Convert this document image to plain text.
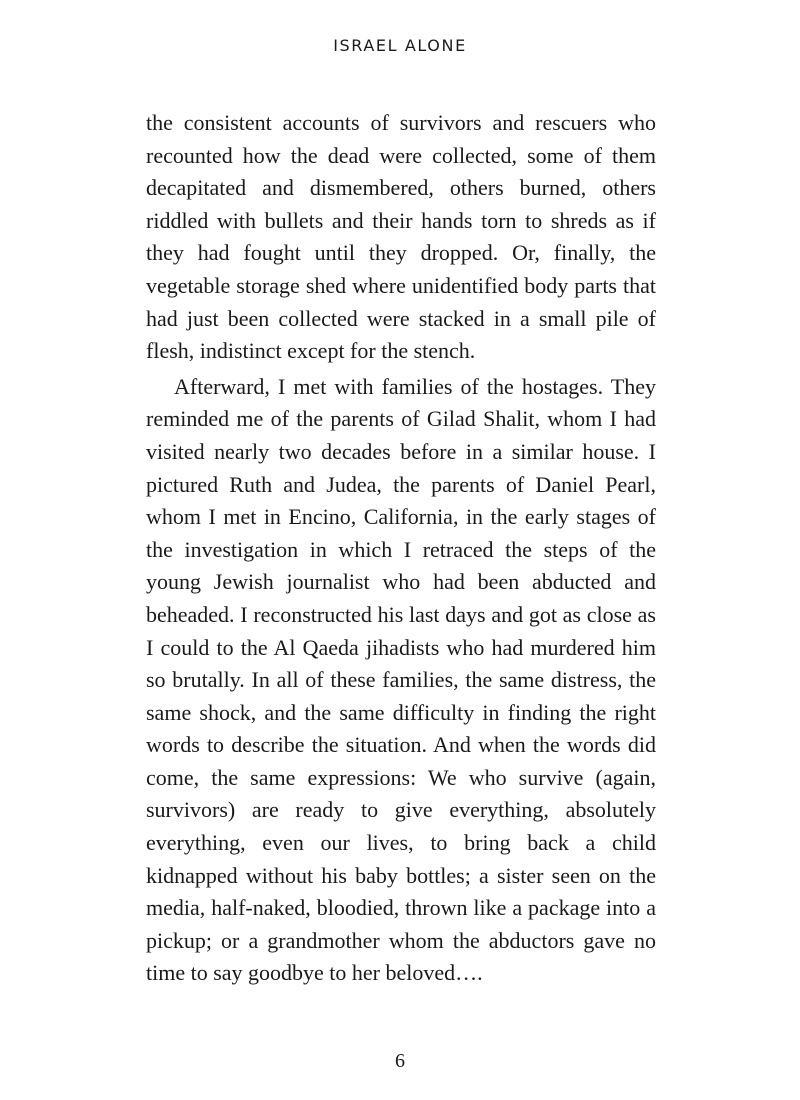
ISRAEL ALONE

the consistent accounts of survivors and rescuers who recounted how the dead were collected, some of them decapitated and dismembered, others burned, others riddled with bullets and their hands torn to shreds as if they had fought until they dropped. Or, finally, the vegetable storage shed where unidentified body parts that had just been collected were stacked in a small pile of flesh, indistinct except for the stench.

Afterward, I met with families of the hostages. They reminded me of the parents of Gilad Shalit, whom I had visited nearly two decades before in a similar house. I pictured Ruth and Judea, the parents of Daniel Pearl, whom I met in Encino, California, in the early stages of the investigation in which I retraced the steps of the young Jewish journalist who had been abducted and beheaded. I reconstructed his last days and got as close as I could to the Al Qaeda jihadists who had murdered him so brutally. In all of these families, the same distress, the same shock, and the same difficulty in finding the right words to describe the situation. And when the words did come, the same expressions: We who survive (again, survivors) are ready to give everything, absolutely everything, even our lives, to bring back a child kidnapped without his baby bottles; a sister seen on the media, half-naked, bloodied, thrown like a package into a pickup; or a grandmother whom the abductors gave no time to say goodbye to her beloved….

6
